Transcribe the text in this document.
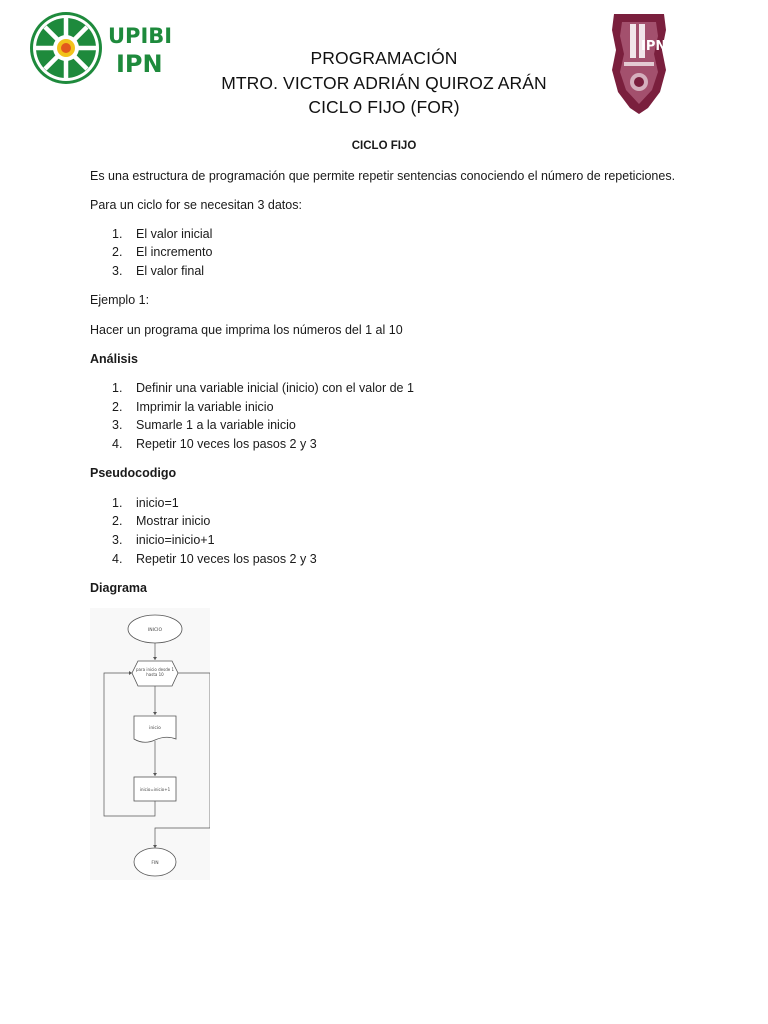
UPIBI
IPN	PROGRAMACIÓN
MTRO. VICTOR ADRIÁN QUIROZ ARÁN
CICLO FIJO (FOR)
IPN
CICLO FIJO
Es una estructura de programación que permite repetir sentencias conociendo el número de repeticiones.
Para un ciclo for se necesitan 3 datos:
1. El valor inicial
2. El incremento
3. El valor final
Ejemplo 1:
Hacer un programa que imprima los números del 1 al 10
Análisis
1. Definir una variable inicial (inicio) con el valor de 1
2. Imprimir la variable inicio
3. Sumarle 1 a la variable inicio
4. Repetir 10 veces los pasos 2 y 3
Pseudocodigo
1. inicio=1
2. Mostrar inicio
3. inicio=inicio+1
4. Repetir 10 veces los pasos 2 y 3
Diagrama
INICIO
para inicio desde 1
hasta 10
inicio
inicio=inicio+1
FIN
